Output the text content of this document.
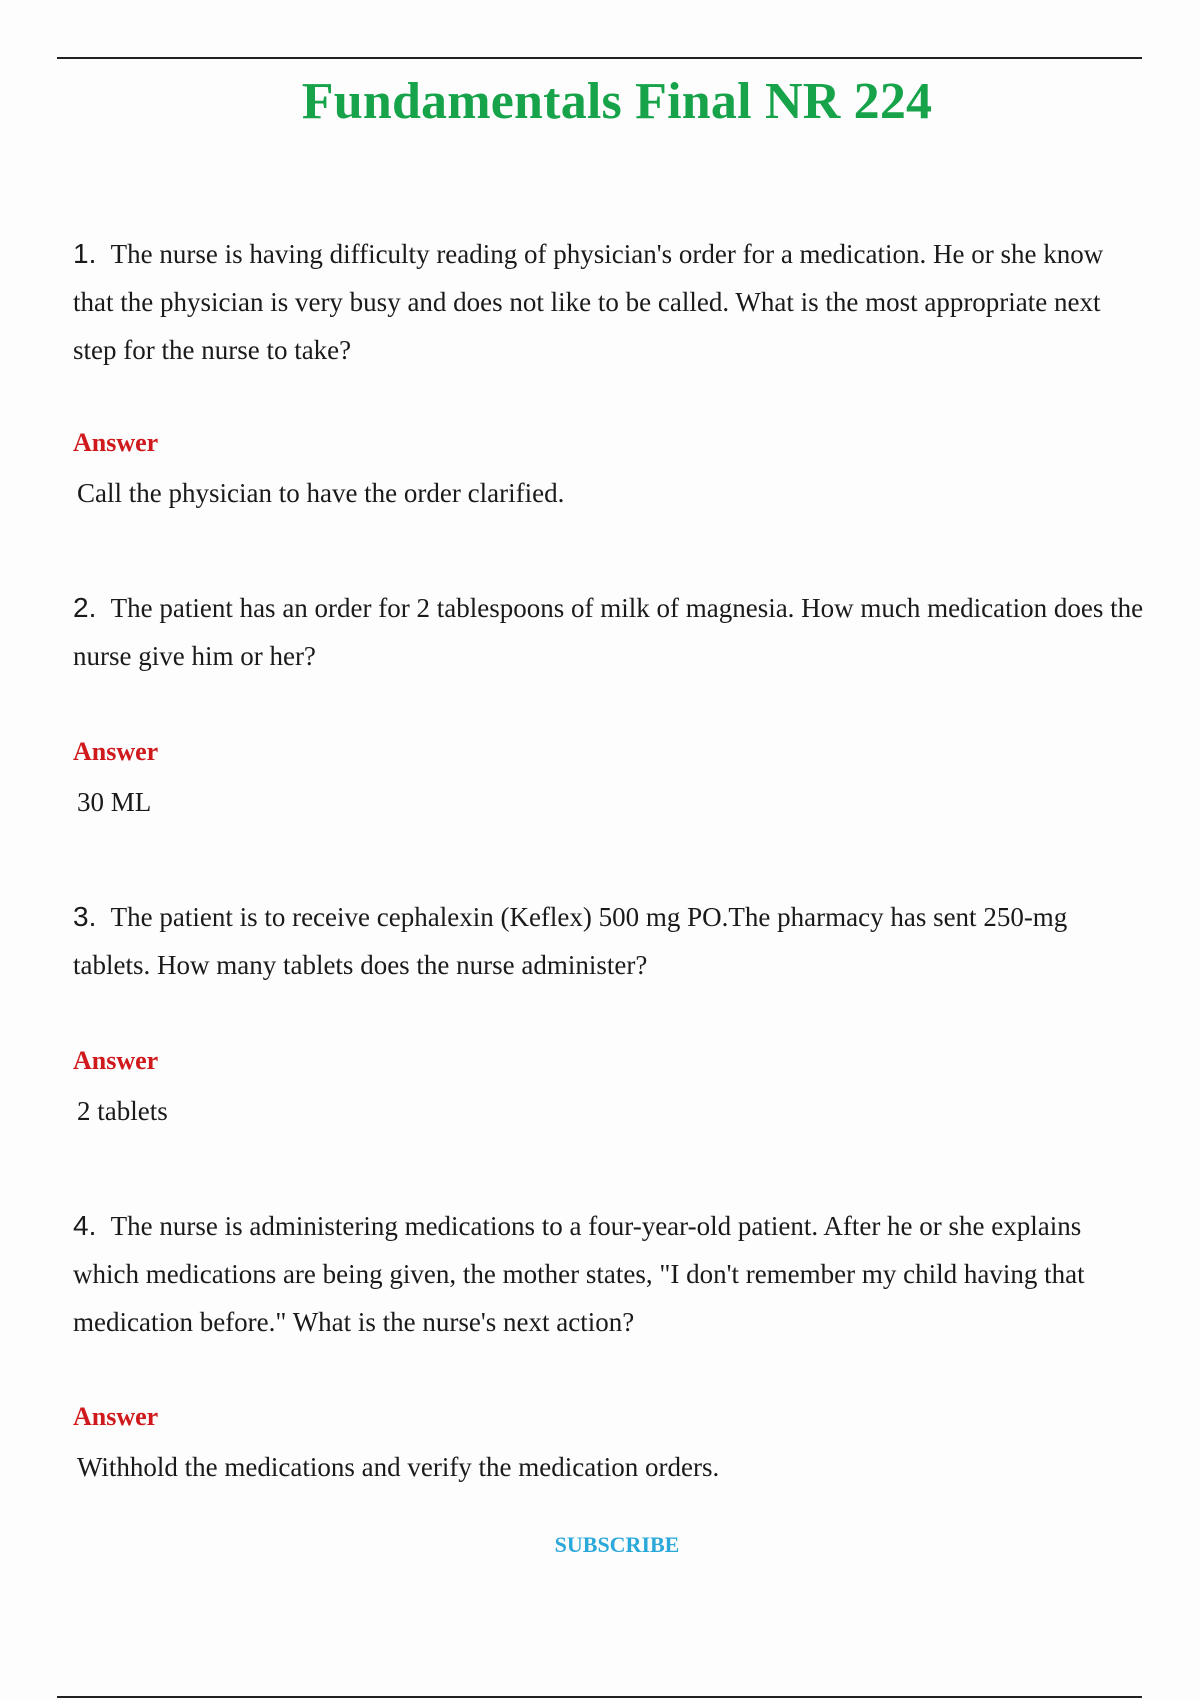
Fundamentals Final NR 224

1. The nurse is having difficulty reading of physician's order for a medication. He or she know that the physician is very busy and does not like to be called. What is the most appropriate next step for the nurse to take?

Answer

Call the physician to have the order clarified.

2. The patient has an order for 2 tablespoons of milk of magnesia. How much medication does the nurse give him or her?

Answer

30 ML

3. The patient is to receive cephalexin (Keflex) 500 mg PO.The pharmacy has sent 250-mg tablets. How many tablets does the nurse administer?

Answer

2 tablets

4. The nurse is administering medications to a four-year-old patient. After he or she explains which medications are being given, the mother states, "I don't remember my child having that medication before." What is the nurse's next action?

Answer

Withhold the medications and verify the medication orders.

SUBSCRIBE
